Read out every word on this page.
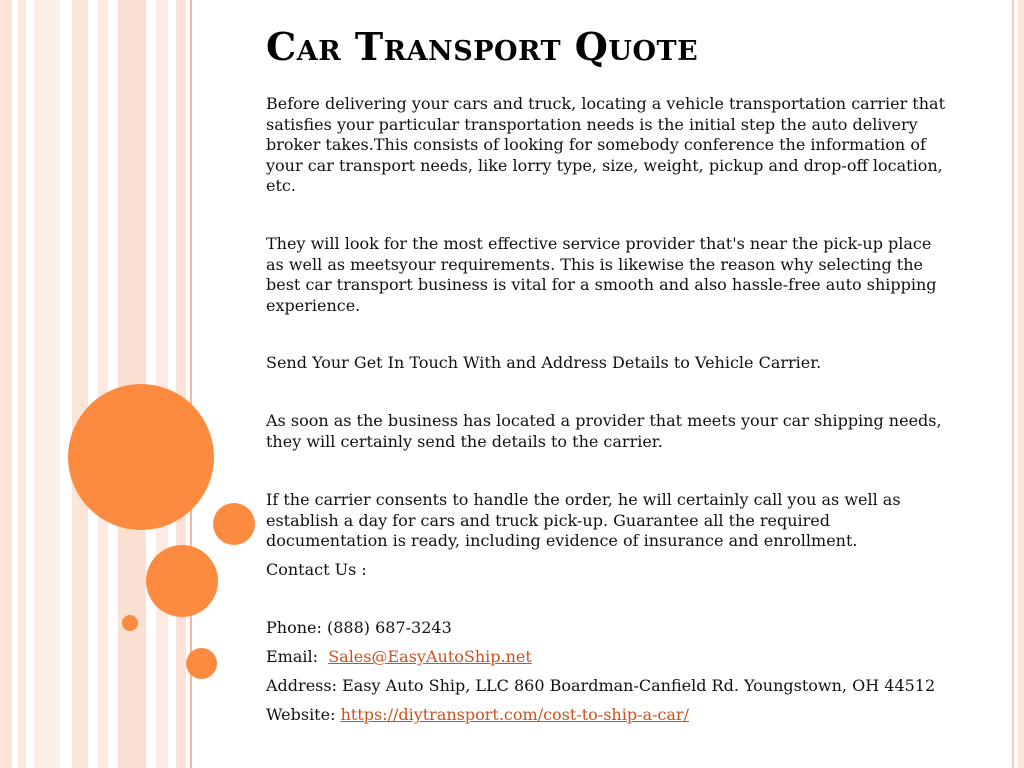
Car Transport Quote

Before delivering your cars and truck, locating a vehicle transportation carrier that satisfies your particular transportation needs is the initial step the auto delivery broker takes.This consists of looking for somebody conference the information of your car transport needs, like lorry type, size, weight, pickup and drop-off location, etc.

They will look for the most effective service provider that's near the pick-up place as well as meetsyour requirements. This is likewise the reason why selecting the best car transport business is vital for a smooth and also hassle-free auto shipping experience.

Send Your Get In Touch With and Address Details to Vehicle Carrier.

As soon as the business has located a provider that meets your car shipping needs, they will certainly send the details to the carrier.

If the carrier consents to handle the order, he will certainly call you as well as establish a day for cars and truck pick-up. Guarantee all the required documentation is ready, including evidence of insurance and enrollment.

Contact Us :

Phone: (888) 687-3243

Email: Sales@EasyAutoShip.net

Address: Easy Auto Ship, LLC 860 Boardman-Canfield Rd. Youngstown, OH 44512

Website: https://diytransport.com/cost-to-ship-a-car/
